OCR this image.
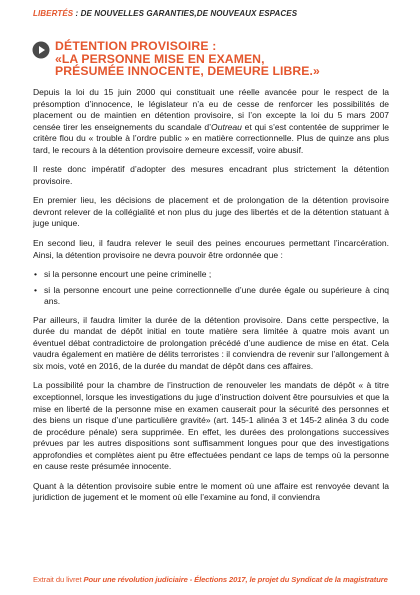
LIBERTÉS : DE NOUVELLES GARANTIES,DE NOUVEAUX ESPACES
DÉTENTION PROVISOIRE :
«LA PERSONNE MISE EN EXAMEN,
PRÉSUMÉE INNOCENTE, DEMEURE LIBRE.»

Depuis la loi du 15 juin 2000 qui constituait une réelle avancée pour le respect de la présomption d’innocence, le législateur n’a eu de cesse de renforcer les possibilités de placement ou de maintien en détention provisoire, si l’on excepte la loi du 5 mars 2007 censée tirer les enseignements du scandale d’Outreau et qui s’est contentée de supprimer le critère flou du « trouble à l’ordre public » en matière correctionnelle. Plus de quinze ans plus tard, le recours à la détention provisoire demeure excessif, voire abusif.

Il reste donc impératif d’adopter des mesures encadrant plus strictement la détention provisoire.

En premier lieu, les décisions de placement et de prolongation de la détention provisoire devront relever de la collégialité et non plus du juge des libertés et de la détention statuant à juge unique.

En second lieu, il faudra relever le seuil des peines encourues permettant l’incarcération. Ainsi, la détention provisoire ne devra pouvoir être ordonnée que :

• si la personne encourt une peine criminelle ;
• si la personne encourt une peine correctionnelle d’une durée égale ou supérieure à cinq ans.

Par ailleurs, il faudra limiter la durée de la détention provisoire. Dans cette perspective, la durée du mandat de dépôt initial en toute matière sera limitée à quatre mois avant un éventuel débat contradictoire de prolongation précédé d’une audience de mise en état. Cela vaudra également en matière de délits terroristes : il conviendra de revenir sur l’allongement à six mois, voté en 2016, de la durée du mandat de dépôt dans ces affaires.

La possibilité pour la chambre de l’instruction de renouveler les mandats de dépôt « à titre exceptionnel, lorsque les investigations du juge d’instruction doivent être poursuivies et que la mise en liberté de la personne mise en examen causerait pour la sécurité des personnes et des biens un risque d’une particulière gravité» (art. 145-1 alinéa 3 et 145-2 alinéa 3 du code de procédure pénale) sera supprimée. En effet, les durées des prolongations successives prévues par les autres dispositions sont suffisamment longues pour que des investigations approfondies et complètes aient pu être effectuées pendant ce laps de temps où la personne en cause reste présumée innocente.

Quant à la détention provisoire subie entre le moment où une affaire est renvoyée devant la juridiction de jugement et le moment où elle l’examine au fond, il conviendra

Extrait du livret Pour une révolution judiciaire - Élections 2017, le projet du Syndicat de la magistrature
